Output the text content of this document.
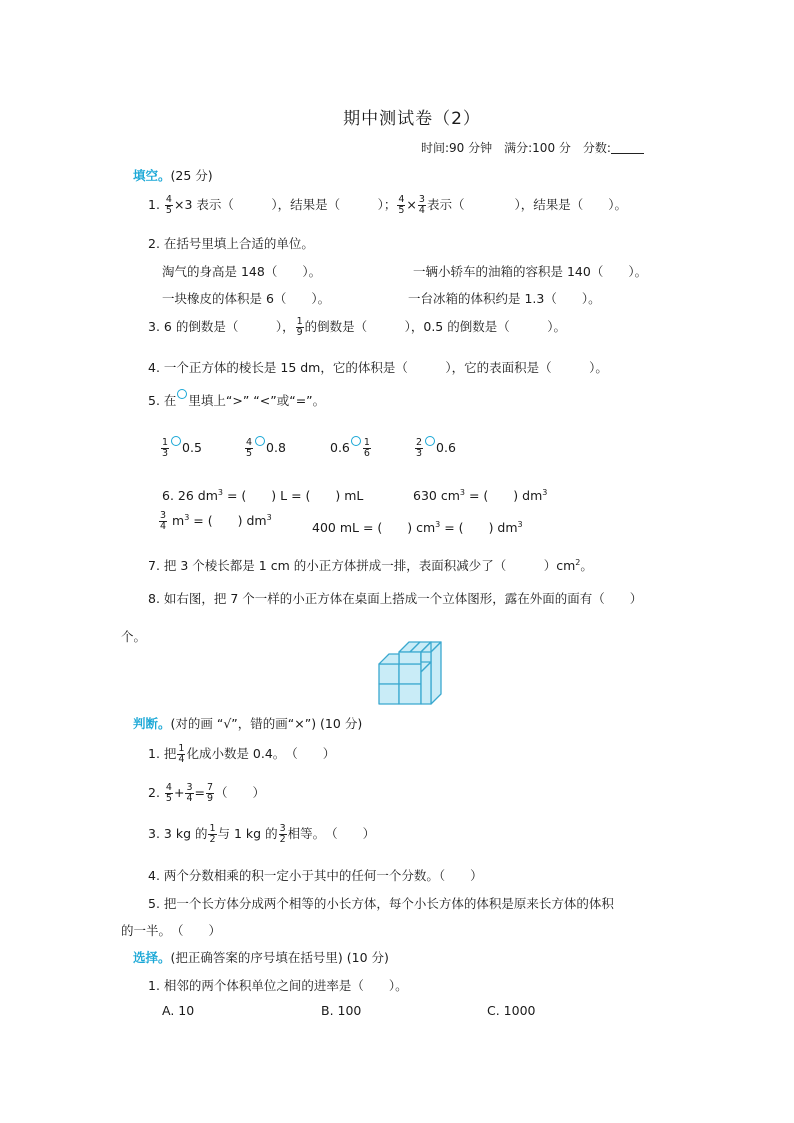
期中测试卷（2）
时间:90 分钟　满分:100 分　分数:
填空。(25 分)
1. $\frac{4}{5} \times 3$ 表示（　　　），结果是（　　　）； $\frac{4}{5} \times \frac{3}{4}$ 表示（　　　　），结果是（　　）。
2. 在括号里填上合适的单位。
淘气的身高是 148（　　）。	一辆小轿车的油箱的容积是 140（　　）。
一块橡皮的体积是 6（　　）。	一台冰箱的体积约是 1.3（　　）。
3. 6 的倒数是（　　　）， $\frac{1}{9}$ 的倒数是（　　　），0.5 的倒数是（　　　）。
4. 一个正方体的棱长是 15 dm，它的体积是（　　　），它的表面积是（　　　）。
5. 在 里填上“>” “<”或“=”。
$\frac{1}{3} 0.5$	$\frac{4}{5} 0.8$	$0.6 \frac{1}{6}$	$\frac{2}{3} 0.6$
6. 26 $dm^3$ = (　　) L = (　　) mL	630 $cm^3$ = (　　) $dm^3$
$\frac{3}{4} m^3$ = (　　) $dm^3$
400 mL = (　　) $cm^3$ = (　　) $dm^3$
7. 把 3 个棱长都是 1 cm 的小正方体拼成一排，表面积减少了（　　　）$cm^2$。
8. 如右图，把 7 个一样的小正方体在桌面上搭成一个立体图形，露在外面的面有（　　）
个。
判断。(对的画 “√”，错的画“×”) (10 分)
1. 把 $\frac{1}{4}$ 化成小数是 0.4。　（　　）
2. $\frac{4}{5} + \frac{3}{4} = \frac{7}{9}$ （　　）
3. 3 kg 的 $\frac{1}{2}$ 与 1 kg 的 $\frac{3}{2}$ 相等。　（　　）
4. 两个分数相乘的积一定小于其中的任何一个分数。（　　）
5. 把一个长方体分成两个相等的小长方体，每个小长方体的体积是原来长方体的体积
的一半。　（　　）
选择。(把正确答案的序号填在括号里) (10 分)
1. 相邻的两个体积单位之间的进率是（　　）。
A. 10	B. 100	C. 1000
